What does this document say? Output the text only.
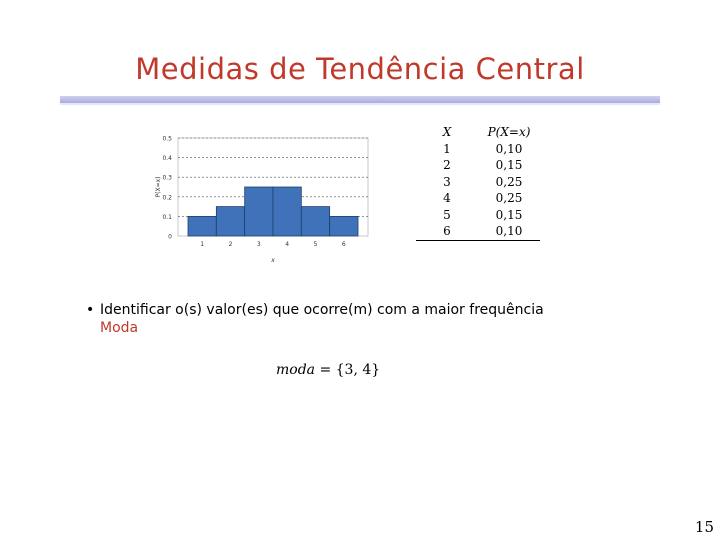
Medidas de Tendência Central
0
0.1
0.2
0.3
0.4
0.5
1	2	3	4	5	6
x
P(X=x)
X	P(X=x)
1	0,10
2	0,15
3	0,25
4	0,25
5	0,15
6	0,10
• Identificar o(s) valor(es) que ocorre(m) com a maior frequência
Moda
moda = {3, 4}
15
